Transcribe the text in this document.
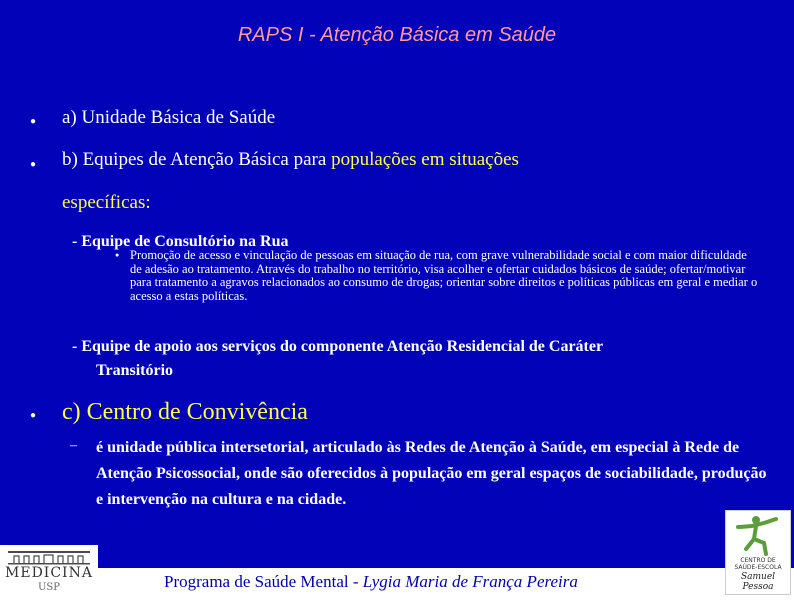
RAPS I - Atenção Básica em Saúde
● a) Unidade Básica de Saúde
● b) Equipes de Atenção Básica para populações em situações
específicas:
- Equipe de Consultório na Rua
● Promoção de acesso e vinculação de pessoas em situação de rua, com grave vulnerabilidade social e com maior dificuldade de adesão ao tratamento. Através do trabalho no território, visa acolher e ofertar cuidados básicos de saúde; ofertar/motivar para tratamento a agravos relacionados ao consumo de drogas; orientar sobre direitos e políticas públicas em geral e mediar o acesso a estas políticas.
- Equipe de apoio aos serviços do componente Atenção Residencial de Caráter
Transitório
● c) Centro de Convivência
– é unidade pública intersetorial, articulado às Redes de Atenção à Saúde, em especial à Rede de Atenção Psicossocial, onde são oferecidos à população em geral espaços de sociabilidade, produção e intervenção na cultura e na cidade.
MEDICINA
USP
CENTRO DE
SAÚDE-ESCOLA
Samuel Pessoa
Programa de Saúde Mental - Lygia Maria de França Pereira
